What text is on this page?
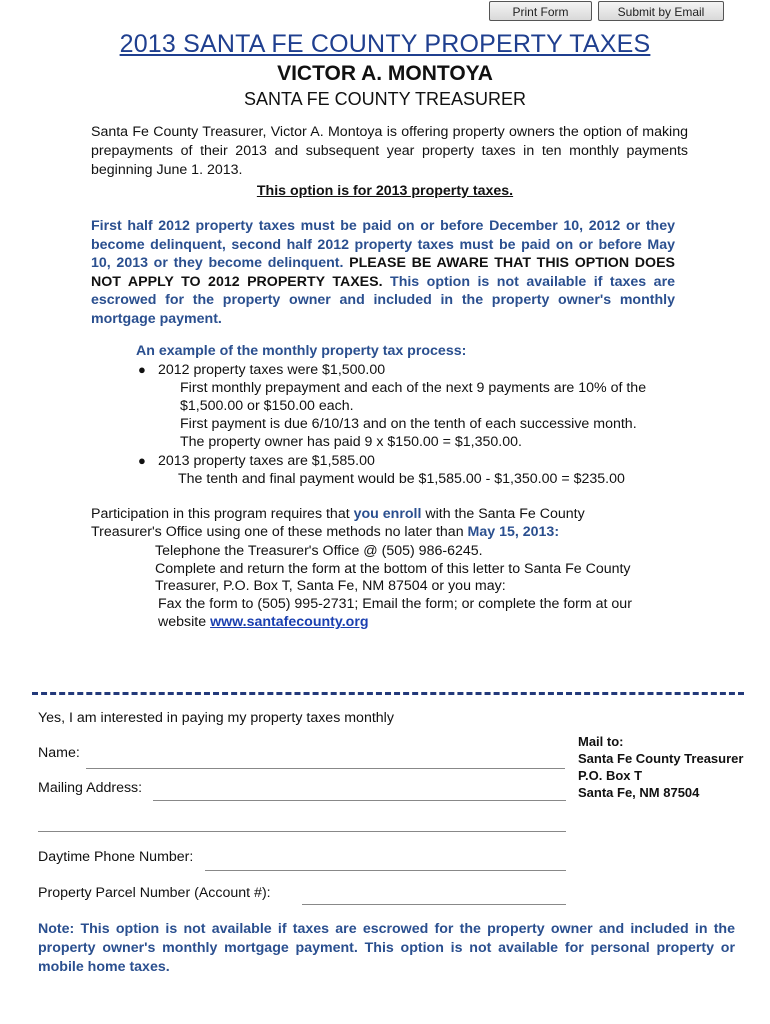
Print Form	Submit by Email
2013 SANTA FE COUNTY PROPERTY TAXES
VICTOR A. MONTOYA
SANTA FE COUNTY TREASURER
Santa Fe County Treasurer, Victor A. Montoya is offering property owners the option of making prepayments of their 2013 and subsequent year property taxes in ten monthly payments beginning June 1. 2013.
This option is for 2013 property taxes.
First half 2012 property taxes must be paid on or before December 10, 2012 or they become delinquent, second half 2012 property taxes must be paid on or before May 10, 2013 or they become delinquent. PLEASE BE AWARE THAT THIS OPTION DOES NOT APPLY TO 2012 PROPERTY TAXES. This option is not available if taxes are escrowed for the property owner and included in the property owner's monthly mortgage payment.
An example of the monthly property tax process:
● 2012 property taxes were $1,500.00
First monthly prepayment and each of the next 9 payments are 10% of the
$1,500.00 or $150.00 each.
First payment is due 6/10/13 and on the tenth of each successive month.
The property owner has paid 9 x $150.00 = $1,350.00.
● 2013 property taxes are $1,585.00
The tenth and final payment would be $1,585.00 - $1,350.00 = $235.00
Participation in this program requires that you enroll with the Santa Fe County
Treasurer's Office using one of these methods no later than May 15, 2013:
Telephone the Treasurer's Office @ (505) 986-6245.
Complete and return the form at the bottom of this letter to Santa Fe County
Treasurer, P.O. Box T, Santa Fe, NM 87504 or you may:
Fax the form to (505) 995-2731; Email the form; or complete the form at our
website www.santafecounty.org
Yes, I am interested in paying my property taxes monthly
Name:
Mailing Address:
Daytime Phone Number:
Property Parcel Number (Account #):
Mail to:
Santa Fe County Treasurer
P.O. Box T
Santa Fe, NM 87504
Note: This option is not available if taxes are escrowed for the property owner and included in the property owner's monthly mortgage payment. This option is not available for personal property or mobile home taxes.
